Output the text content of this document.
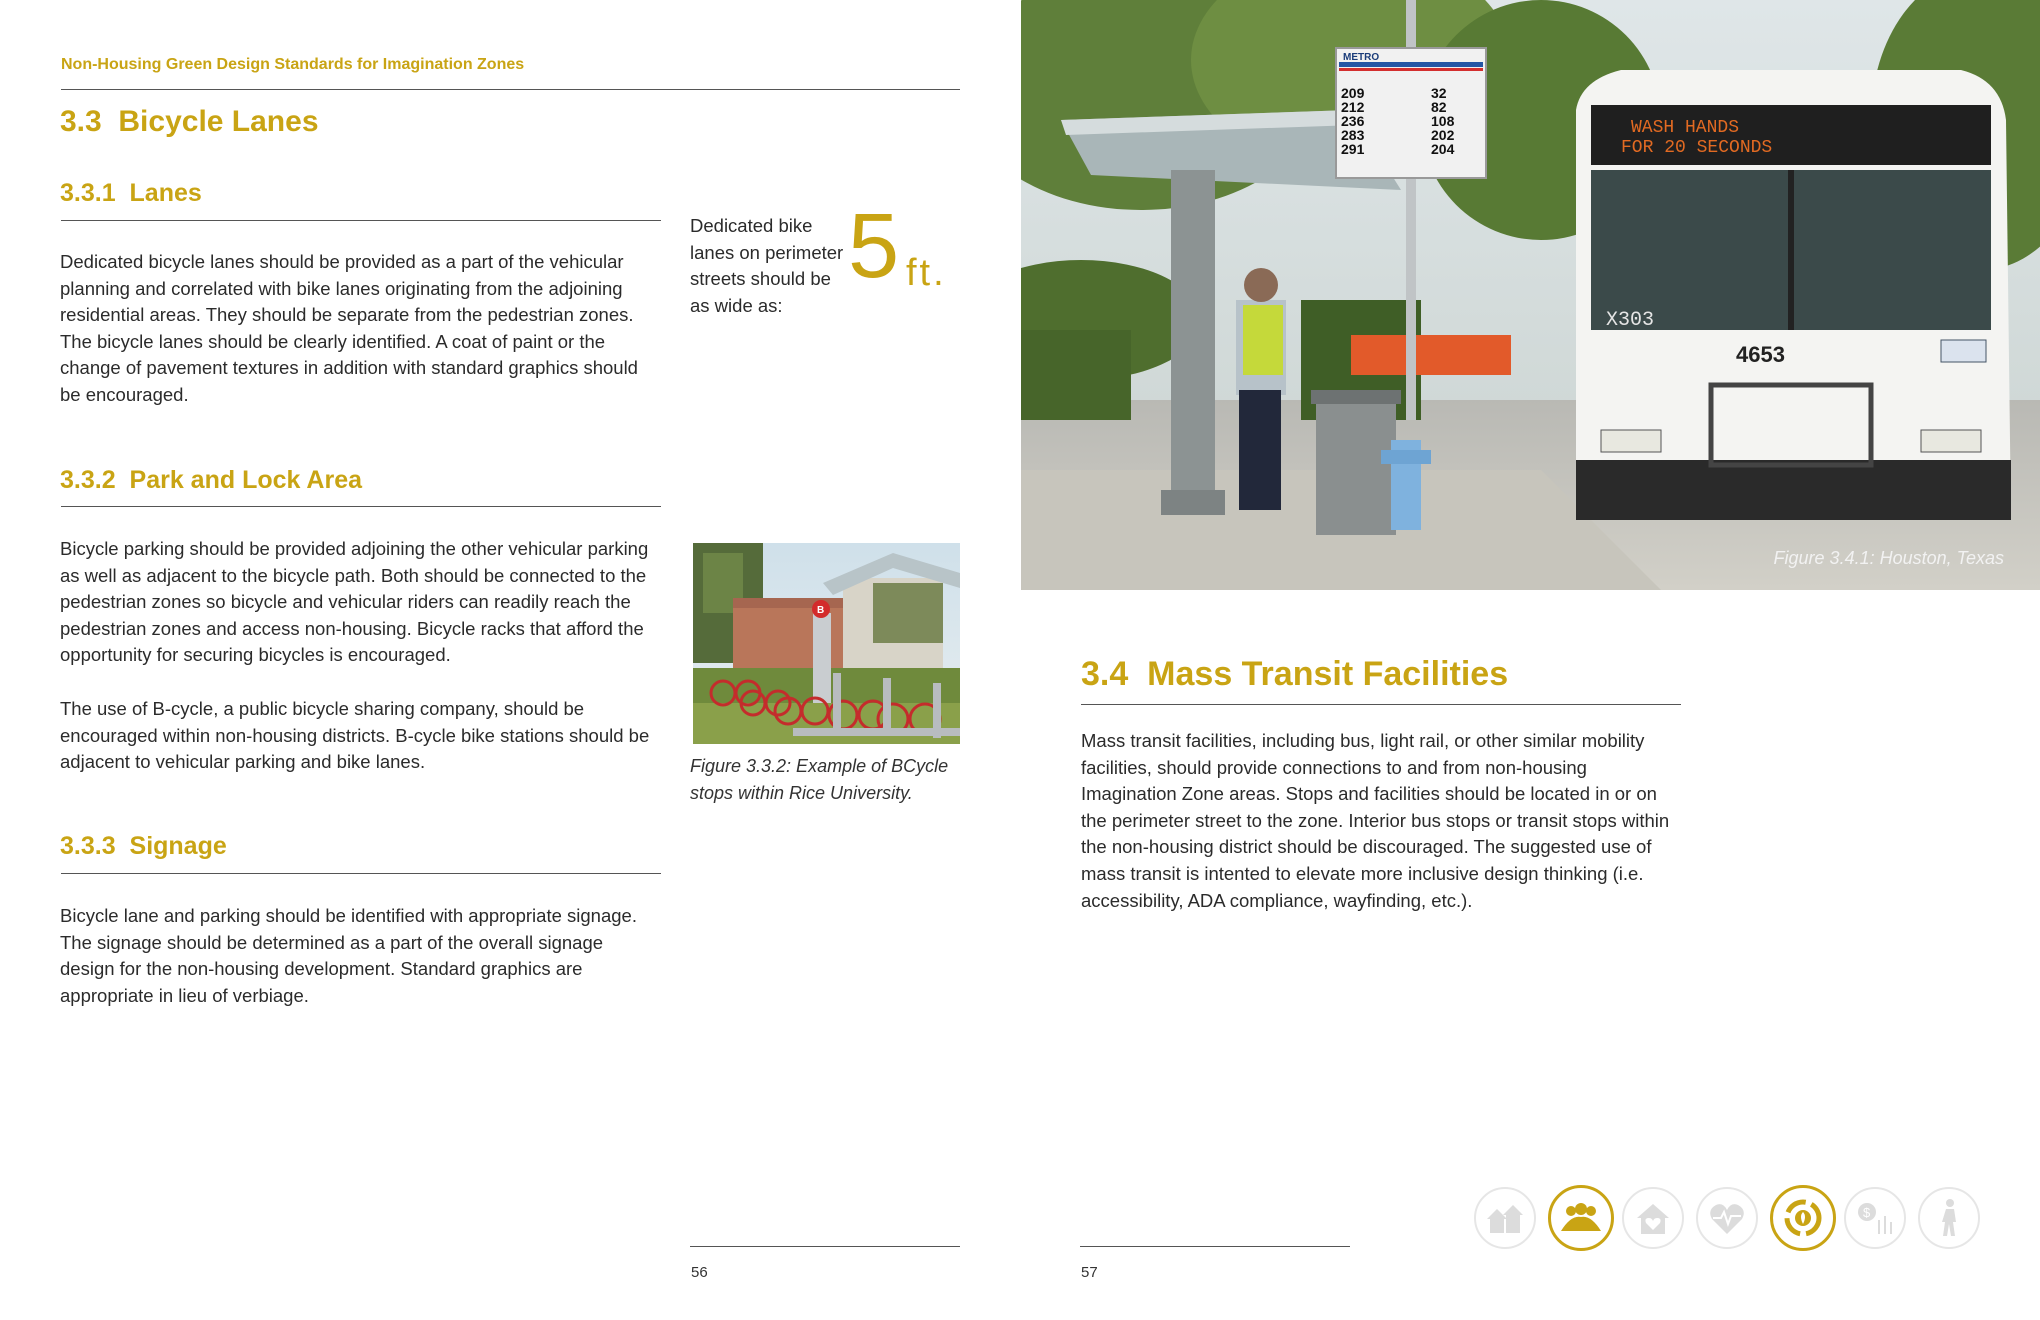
Non-Housing Green Design Standards for Imagination Zones
3.3 Bicycle Lanes
3.3.1 Lanes
Dedicated bicycle lanes should be provided as a part of the vehicular planning and correlated with bike lanes originating from the adjoining residential areas. They should be separate from the pedestrian zones. The bicycle lanes should be clearly identified. A coat of paint or the change of pavement textures in addition with standard graphics should be encouraged.
Dedicated bike lanes on perimeter streets should be as wide as:
5 ft.
3.3.2 Park and Lock Area
Bicycle parking should be provided adjoining the other vehicular parking as well as adjacent to the bicycle path. Both should be connected to the pedestrian zones so bicycle and vehicular riders can readily reach the pedestrian zones and access non-housing. Bicycle racks that afford the opportunity for securing bicycles is encouraged.
The use of B-cycle, a public bicycle sharing company, should be encouraged within non-housing districts. B-cycle bike stations should be adjacent to vehicular parking and bike lanes.
B
Figure 3.3.2: Example of BCycle stops within Rice University.
3.3.3 Signage
Bicycle lane and parking should be identified with appropriate signage. The signage should be determined as a part of the overall signage design for the non-housing development. Standard graphics are appropriate in lieu of verbiage.
56
METRO
209
212
236
283
291
32
82
108
202
204
WASH HANDS
FOR 20 SECONDS
X303
4653
Figure 3.4.1: Houston, Texas
3.4 Mass Transit Facilities
Mass transit facilities, including bus, light rail, or other similar mobility facilities, should provide connections to and from non-housing Imagination Zone areas. Stops and facilities should be located in or on the perimeter street to the zone. Interior bus stops or transit stops within the non-housing district should be discouraged. The suggested use of mass transit is intented to elevate more inclusive design thinking (i.e. accessibility, ADA compliance, wayfinding, etc.).
57
$
